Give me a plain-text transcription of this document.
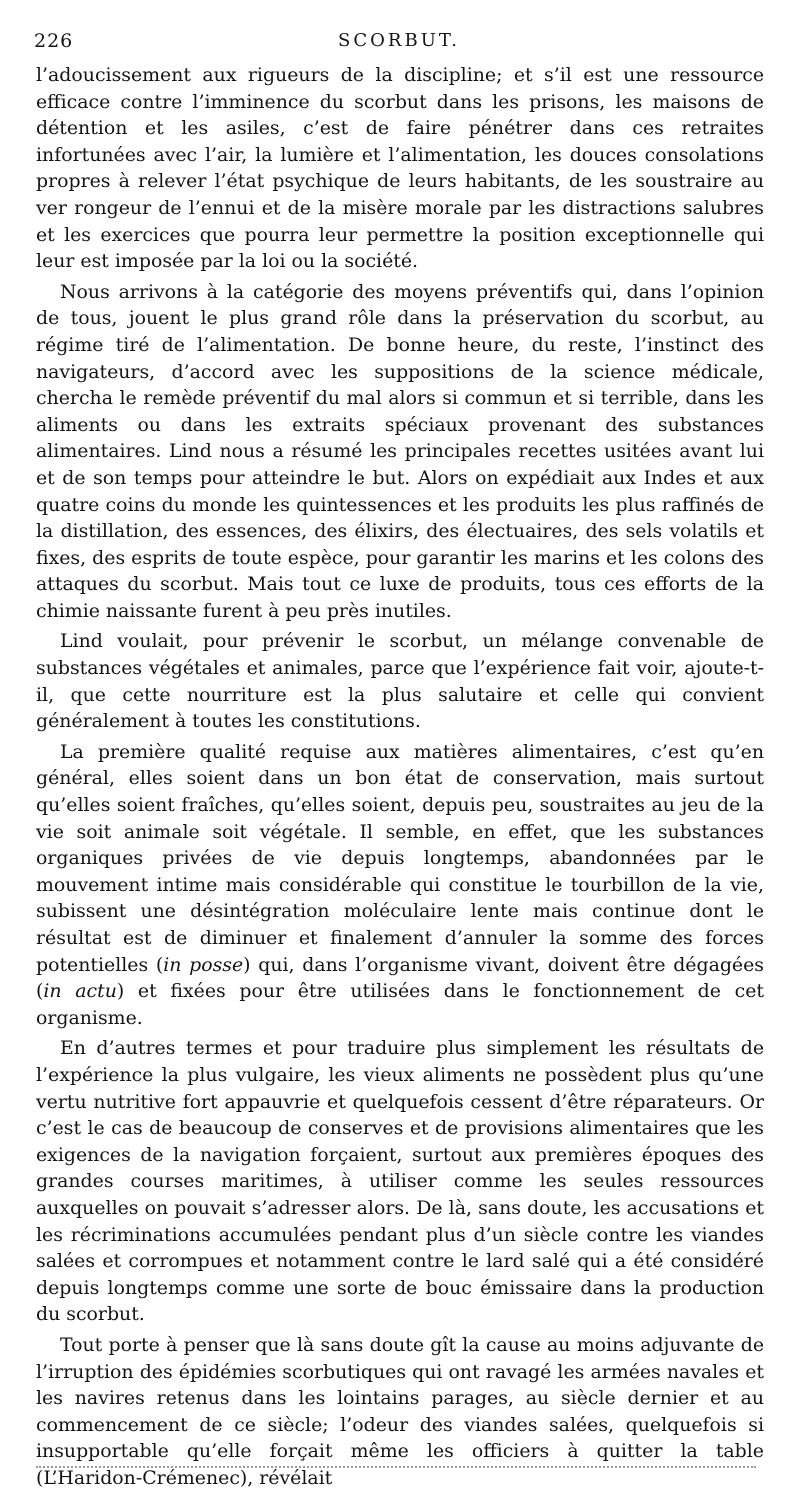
226	SCORBUT.

l’adoucissement aux rigueurs de la discipline; et s’il est une ressource efficace contre l’imminence du scorbut dans les prisons, les maisons de détention et les asiles, c’est de faire pénétrer dans ces retraites infortunées avec l’air, la lumière et l’alimentation, les douces consolations propres à relever l’état psychique de leurs habitants, de les soustraire au ver rongeur de l’ennui et de la misère morale par les distractions salubres et les exercices que pourra leur permettre la position exceptionnelle qui leur est imposée par la loi ou la société.

Nous arrivons à la catégorie des moyens préventifs qui, dans l’opinion de tous, jouent le plus grand rôle dans la préservation du scorbut, au régime tiré de l’alimentation. De bonne heure, du reste, l’instinct des navigateurs, d’accord avec les suppositions de la science médicale, chercha le remède préventif du mal alors si commun et si terrible, dans les aliments ou dans les extraits spéciaux provenant des substances alimentaires. Lind nous a résumé les principales recettes usitées avant lui et de son temps pour atteindre le but. Alors on expédiait aux Indes et aux quatre coins du monde les quintessences et les produits les plus raffinés de la distillation, des essences, des élixirs, des électuaires, des sels volatils et fixes, des esprits de toute espèce, pour garantir les marins et les colons des attaques du scorbut. Mais tout ce luxe de produits, tous ces efforts de la chimie naissante furent à peu près inutiles.

Lind voulait, pour prévenir le scorbut, un mélange convenable de substances végétales et animales, parce que l’expérience fait voir, ajoute-t-il, que cette nourriture est la plus salutaire et celle qui convient généralement à toutes les constitutions.

La première qualité requise aux matières alimentaires, c’est qu’en général, elles soient dans un bon état de conservation, mais surtout qu’elles soient fraîches, qu’elles soient, depuis peu, soustraites au jeu de la vie soit animale soit végétale. Il semble, en effet, que les substances organiques privées de vie depuis longtemps, abandonnées par le mouvement intime mais considérable qui constitue le tourbillon de la vie, subissent une désintégration moléculaire lente mais continue dont le résultat est de diminuer et finalement d’annuler la somme des forces potentielles (in posse) qui, dans l’organisme vivant, doivent être dégagées (in actu) et fixées pour être utilisées dans le fonctionnement de cet organisme.

En d’autres termes et pour traduire plus simplement les résultats de l’expérience la plus vulgaire, les vieux aliments ne possèdent plus qu’une vertu nutritive fort appauvrie et quelquefois cessent d’être réparateurs. Or c’est le cas de beaucoup de conserves et de provisions alimentaires que les exigences de la navigation forçaient, surtout aux premières époques des grandes courses maritimes, à utiliser comme les seules ressources auxquelles on pouvait s’adresser alors. De là, sans doute, les accusations et les récriminations accumulées pendant plus d’un siècle contre les viandes salées et corrompues et notamment contre le lard salé qui a été considéré depuis longtemps comme une sorte de bouc émissaire dans la production du scorbut.

Tout porte à penser que là sans doute gît la cause au moins adjuvante de l’irruption des épidémies scorbutiques qui ont ravagé les armées navales et les navires retenus dans les lointains parages, au siècle dernier et au commencement de ce siècle; l’odeur des viandes salées, quelquefois si insupportable qu’elle forçait même les officiers à quitter la table (L’Haridon-Crémenec), révélait
